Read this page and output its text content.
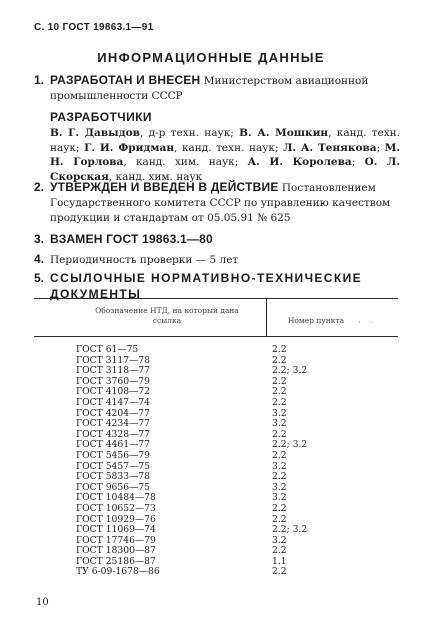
С. 10 ГОСТ 19863.1—91
ИНФОРМАЦИОННЫЕ ДАННЫЕ
1. РАЗРАБОТАН И ВНЕСЕН Министерством авиационной промышленности СССР
РАЗРАБОТЧИКИ
В. Г. Давыдов, д-р техн. наук; В. А. Мошкин, канд. техн. наук; Г. И. Фридман, канд. техн. наук; Л. А. Тенякова; М. Н. Горлова, канд. хим. наук; А. И. Королева; О. Л. Скорская, канд. хим. наук
2. УТВЕРЖДЕН И ВВЕДЕН В ДЕЙСТВИЕ Постановлением Государственного комитета СССР по управлению качеством продукции и стандартам от 05.05.91 № 625
3. ВЗАМЕН ГОСТ 19863.1—80
4. Периодичность проверки — 5 лет
5. ССЫЛОЧНЫЕ НОРМАТИВНО-ТЕХНИЧЕСКИЕ ДОКУМЕНТЫ
Обозначение НТД, на который дана ссылка	Номер пункта	· ·
ГОСТ 61—75	2.2
ГОСТ 3117—78	2.2
ГОСТ 3118—77	2.2; 3.2
ГОСТ 3760—79	2.2
ГОСТ 4108—72	2.2
ГОСТ 4147—74	2.2
ГОСТ 4204—77	3.2
ГОСТ 4234—77	3.2
ГОСТ 4328—77	2.2
ГОСТ 4461—77	2.2; 3.2
ГОСТ 5456—79	2.2
ГОСТ 5457—75	3.2
ГОСТ 5833—78	2.2
ГОСТ 9656—75	3.2
ГОСТ 10484—78	3.2
ГОСТ 10652—73	2.2
ГОСТ 10929—76	2.2
ГОСТ 11069—74	2.2; 3.2
ГОСТ 17746—79	3.2
ГОСТ 18300—87	2.2
ГОСТ 25186—87	1.1
ТУ 6-09-1678—86	2.2
10
